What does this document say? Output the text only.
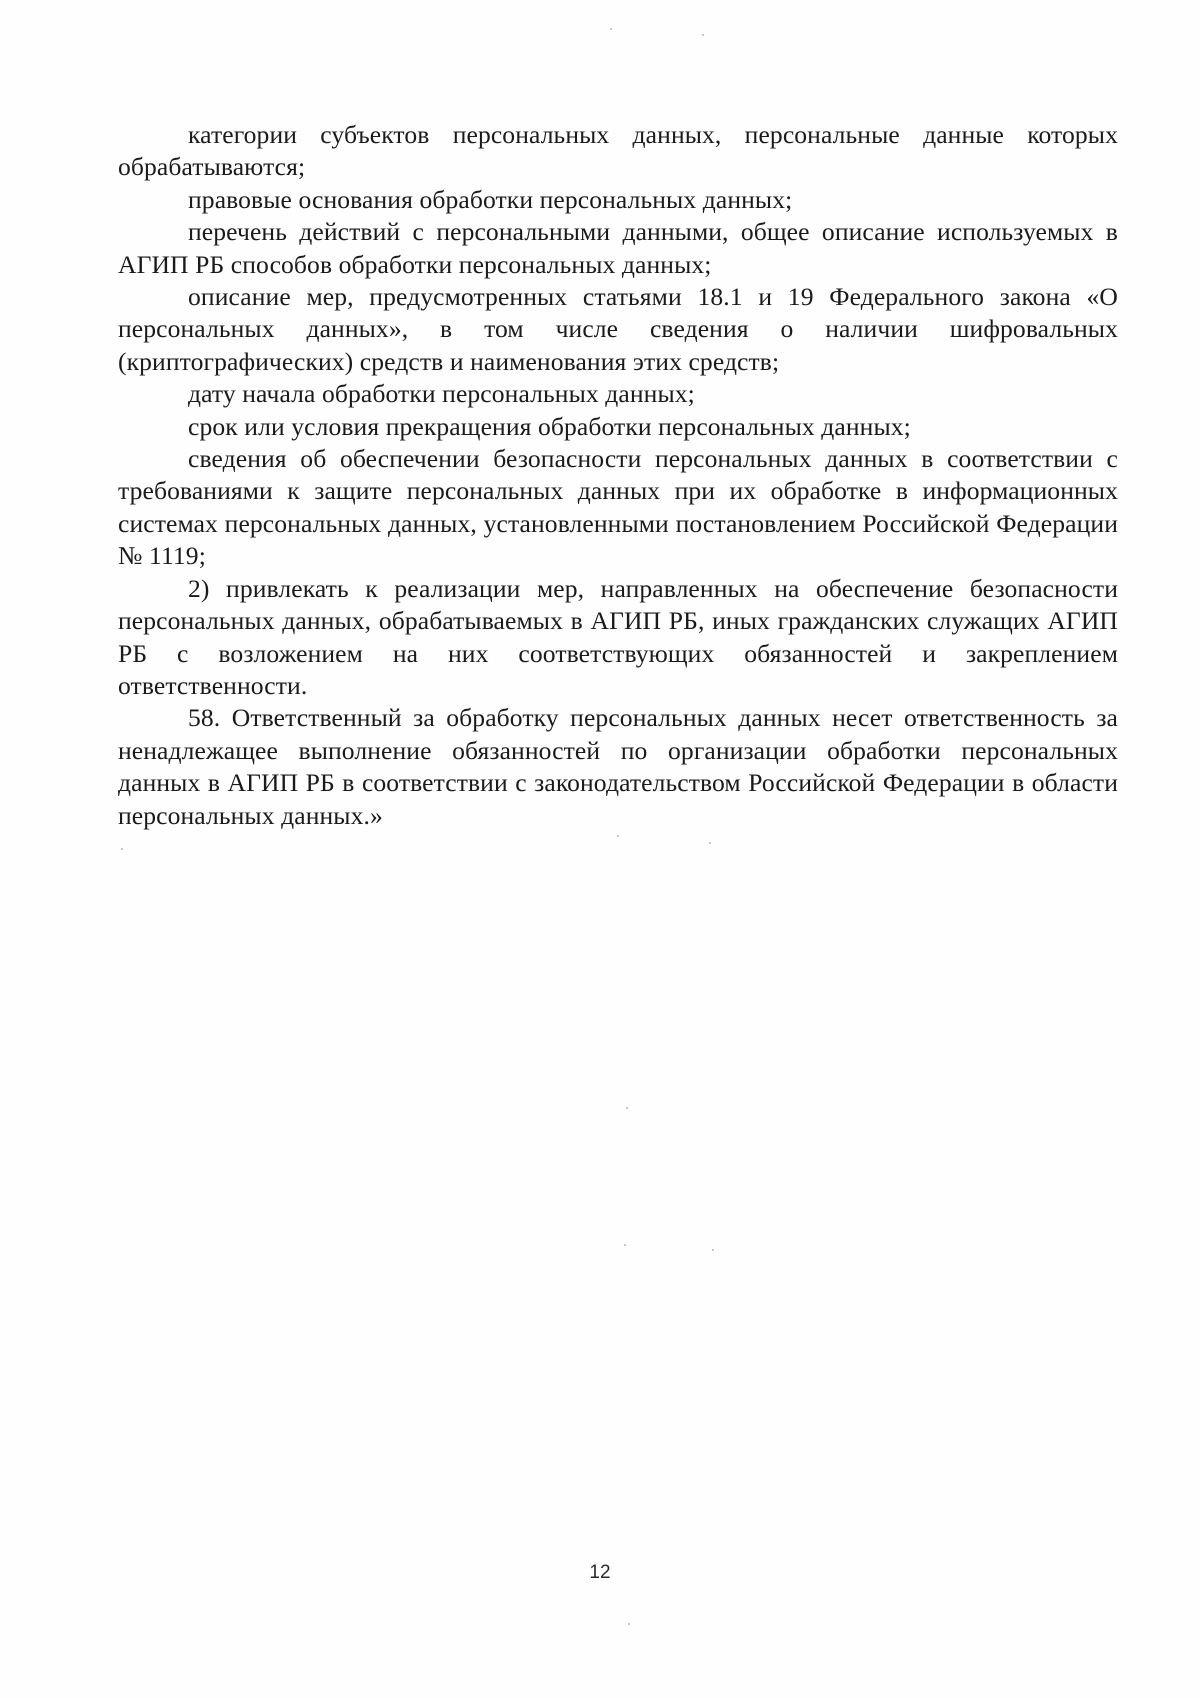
категории субъектов персональных данных, персональные данные которых обрабатываются;

правовые основания обработки персональных данных;

перечень действий с персональными данными, общее описание используемых в АГИП РБ способов обработки персональных данных;

описание мер, предусмотренных статьями 18.1 и 19 Федерального закона «О персональных данных», в том числе сведения о наличии шифровальных (криптографических) средств и наименования этих средств;

дату начала обработки персональных данных;

срок или условия прекращения обработки персональных данных;

сведения об обеспечении безопасности персональных данных в соответствии с требованиями к защите персональных данных при их обработке в информационных системах персональных данных, установленными постановлением Российской Федерации № 1119;

2) привлекать к реализации мер, направленных на обеспечение безопасности персональных данных, обрабатываемых в АГИП РБ, иных гражданских служащих АГИП РБ с возложением на них соответствующих обязанностей и закреплением ответственности.

58. Ответственный за обработку персональных данных несет ответственность за ненадлежащее выполнение обязанностей по организации обработки персональных данных в АГИП РБ в соответствии с законодательством Российской Федерации в области персональных данных.»

12
